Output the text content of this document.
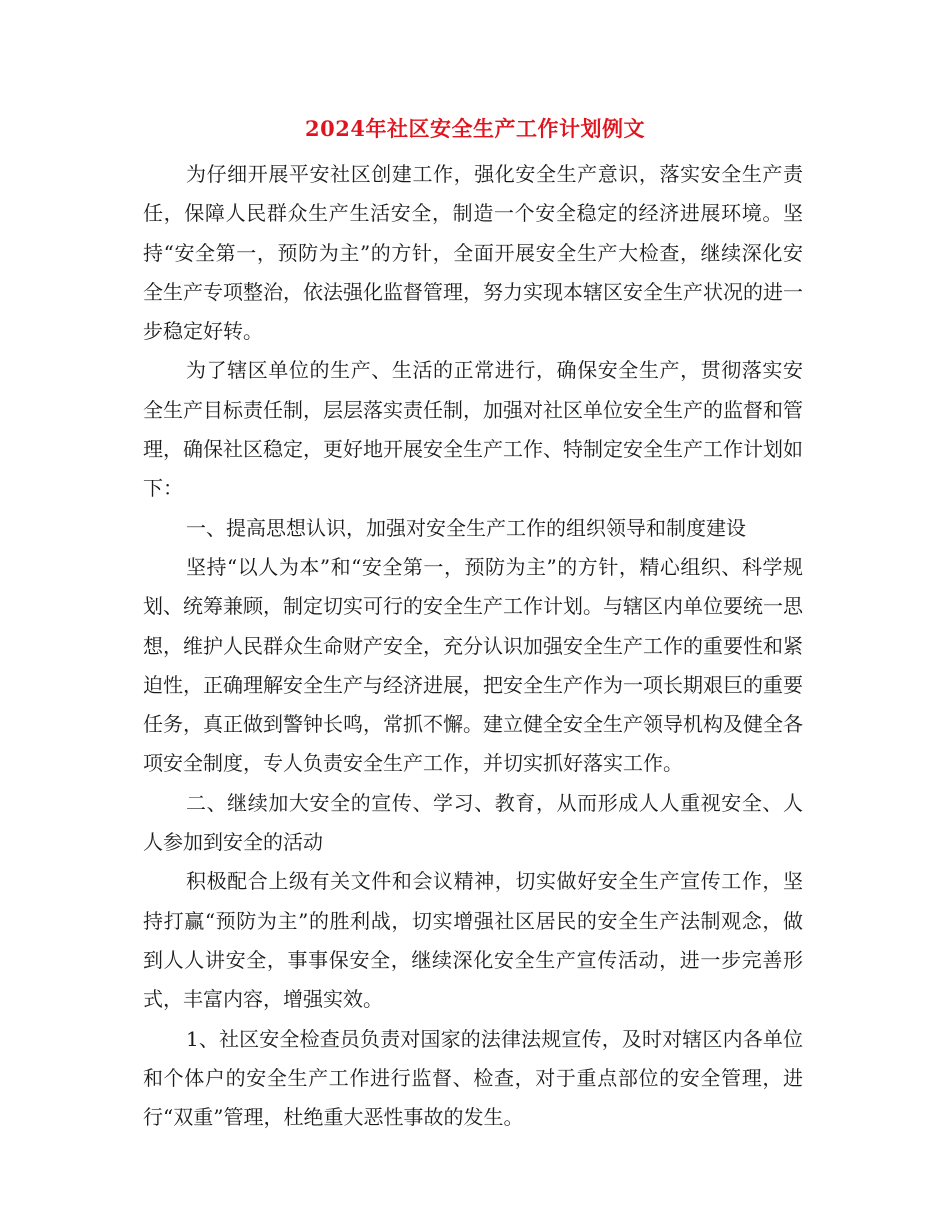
2024年社区安全生产工作计划例文

为仔细开展平安社区创建工作，强化安全生产意识，落实安全生产责任，保障人民群众生产生活安全，制造一个安全稳定的经济进展环境。坚持“安全第一，预防为主”的方针，全面开展安全生产大检查，继续深化安全生产专项整治，依法强化监督管理，努力实现本辖区安全生产状况的进一步稳定好转。

为了辖区单位的生产、生活的正常进行，确保安全生产，贯彻落实安全生产目标责任制，层层落实责任制，加强对社区单位安全生产的监督和管理，确保社区稳定，更好地开展安全生产工作、特制定安全生产工作计划如下：

一、提高思想认识，加强对安全生产工作的组织领导和制度建设

坚持“以人为本”和“安全第一，预防为主”的方针，精心组织、科学规划、统筹兼顾，制定切实可行的安全生产工作计划。与辖区内单位要统一思想，维护人民群众生命财产安全，充分认识加强安全生产工作的重要性和紧迫性，正确理解安全生产与经济进展，把安全生产作为一项长期艰巨的重要任务，真正做到警钟长鸣，常抓不懈。建立健全安全生产领导机构及健全各项安全制度，专人负责安全生产工作，并切实抓好落实工作。

二、继续加大安全的宣传、学习、教育，从而形成人人重视安全、人人参加到安全的活动

积极配合上级有关文件和会议精神，切实做好安全生产宣传工作，坚持打赢“预防为主”的胜利战，切实增强社区居民的安全生产法制观念，做到人人讲安全，事事保安全，继续深化安全生产宣传活动，进一步完善形式，丰富内容，增强实效。

1、社区安全检查员负责对国家的法律法规宣传，及时对辖区内各单位和个体户的安全生产工作进行监督、检查，对于重点部位的安全管理，进行“双重”管理，杜绝重大恶性事故的发生。
